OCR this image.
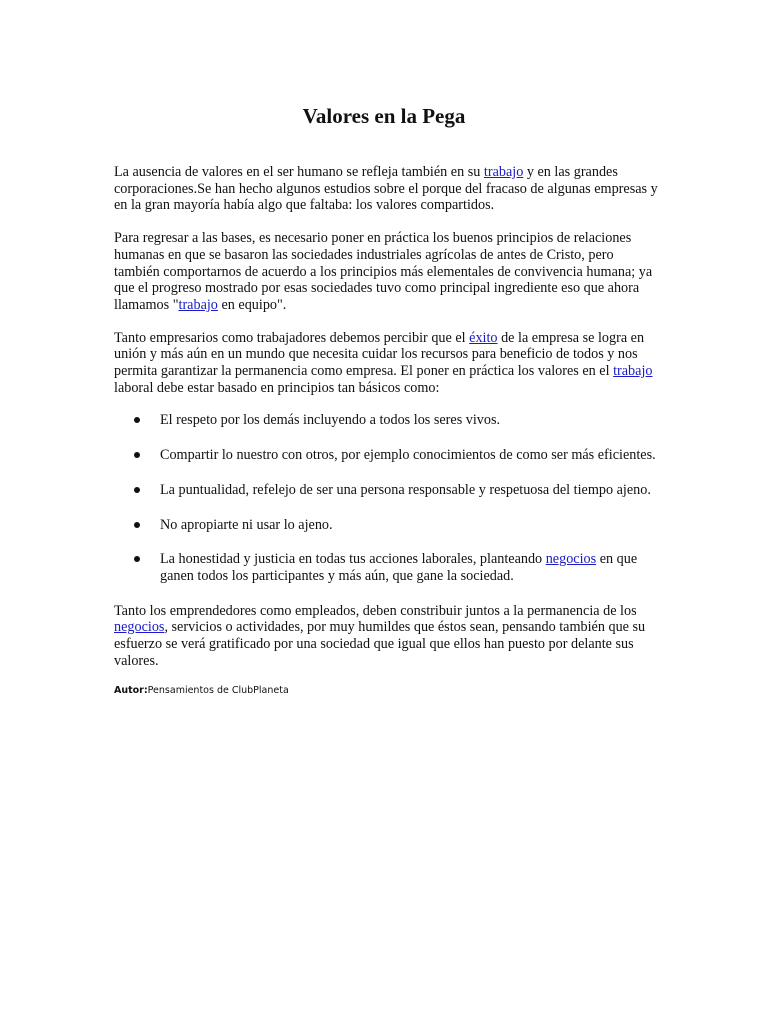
Valores en la Pega

La ausencia de valores en el ser humano se refleja también en su trabajo y en las grandes corporaciones.Se han hecho algunos estudios sobre el porque del fracaso de algunas empresas y en la gran mayoría había algo que faltaba: los valores compartidos.

Para regresar a las bases, es necesario poner en práctica los buenos principios de relaciones humanas en que se basaron las sociedades industriales agrícolas de antes de Cristo, pero también comportarnos de acuerdo a los principios más elementales de convivencia humana; ya que el progreso mostrado por esas sociedades tuvo como principal ingrediente eso que ahora llamamos "trabajo en equipo".

Tanto empresarios como trabajadores debemos percibir que el éxito de la empresa se logra en unión y más aún en un mundo que necesita cuidar los recursos para beneficio de todos y nos permita garantizar la permanencia como empresa. El poner en práctica los valores en el trabajo laboral debe estar basado en principios tan básicos como:

El respeto por los demás incluyendo a todos los seres vivos.
Compartir lo nuestro con otros, por ejemplo conocimientos de como ser más eficientes.
La puntualidad, refelejo de ser una persona responsable y respetuosa del tiempo ajeno.
No apropiarte ni usar lo ajeno.
La honestidad y justicia en todas tus acciones laborales, planteando negocios en que ganen todos los participantes y más aún, que gane la sociedad.

Tanto los emprendedores como empleados, deben constribuir juntos a la permanencia de los negocios, servicios o actividades, por muy humildes que éstos sean, pensando también que su esfuerzo se verá gratificado por una sociedad que igual que ellos han puesto por delante sus valores.

Autor:Pensamientos de ClubPlaneta
